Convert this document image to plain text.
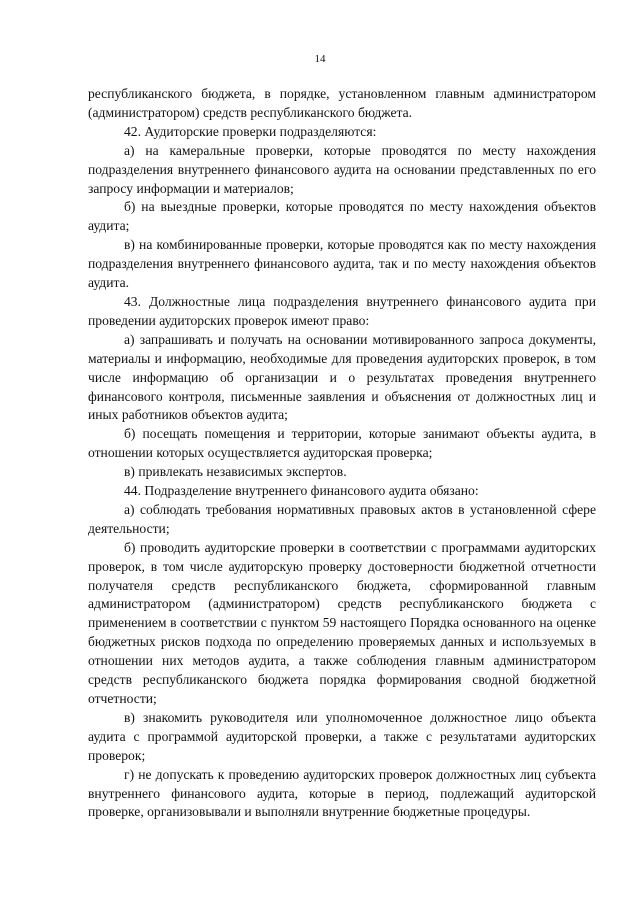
14

республиканского бюджета, в порядке, установленном главным администратором (администратором) средств республиканского бюджета.

42. Аудиторские проверки подразделяются:

а) на камеральные проверки, которые проводятся по месту нахождения подразделения внутреннего финансового аудита на основании представленных по его запросу информации и материалов;

б) на выездные проверки, которые проводятся по месту нахождения объектов аудита;

в) на комбинированные проверки, которые проводятся как по месту нахождения подразделения внутреннего финансового аудита, так и по месту нахождения объектов аудита.

43. Должностные лица подразделения внутреннего финансового аудита при проведении аудиторских проверок имеют право:

а) запрашивать и получать на основании мотивированного запроса документы, материалы и информацию, необходимые для проведения аудиторских проверок, в том числе информацию об организации и о результатах проведения внутреннего финансового контроля, письменные заявления и объяснения от должностных лиц и иных работников объектов аудита;

б) посещать помещения и территории, которые занимают объекты аудита, в отношении которых осуществляется аудиторская проверка;

в) привлекать независимых экспертов.

44. Подразделение внутреннего финансового аудита обязано:

а) соблюдать требования нормативных правовых актов в установленной сфере деятельности;

б) проводить аудиторские проверки в соответствии с программами аудиторских проверок, в том числе аудиторскую проверку достоверности бюджетной отчетности получателя средств республиканского бюджета, сформированной главным администратором (администратором) средств республиканского бюджета с применением в соответствии с пунктом 59 настоящего Порядка основанного на оценке бюджетных рисков подхода по определению проверяемых данных и используемых в отношении них методов аудита, а также соблюдения главным администратором средств республиканского бюджета порядка формирования сводной бюджетной отчетности;

в) знакомить руководителя или уполномоченное должностное лицо объекта аудита с программой аудиторской проверки, а также с результатами аудиторских проверок;

г) не допускать к проведению аудиторских проверок должностных лиц субъекта внутреннего финансового аудита, которые в период, подлежащий аудиторской проверке, организовывали и выполняли внутренние бюджетные процедуры.
